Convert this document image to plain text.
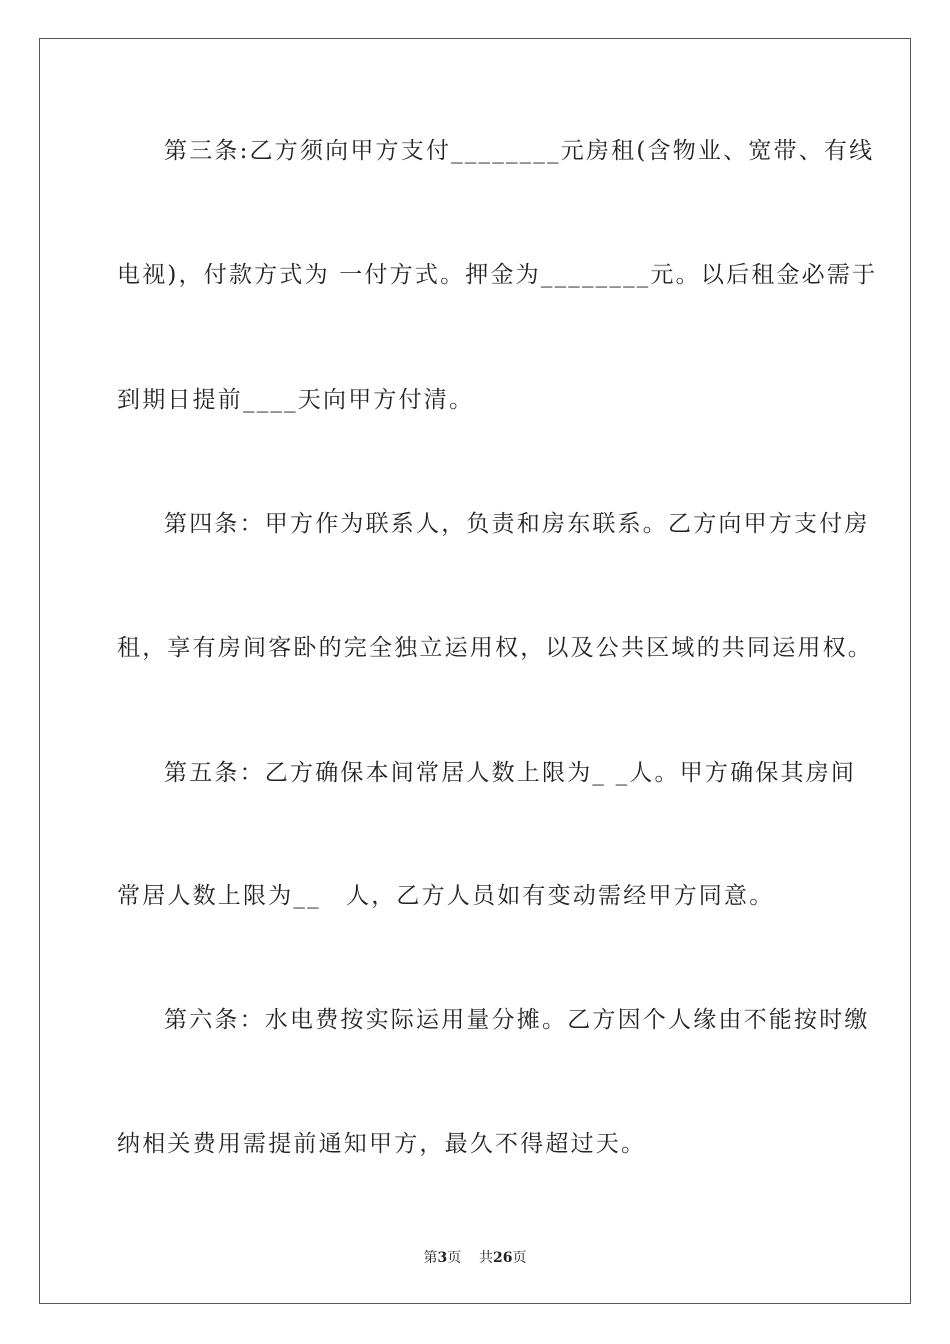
第三条:乙方须向甲方支付________元房租(含物业、宽带、有线
电视)，付款方式为 一付方式。押金为________元。以后租金必需于
到期日提前____天向甲方付清。
第四条：甲方作为联系人，负责和房东联系。乙方向甲方支付房
租，享有房间客卧的完全独立运用权，以及公共区域的共同运用权。
第五条：乙方确保本间常居人数上限为_ _人。甲方确保其房间
常居人数上限为__　人，乙方人员如有变动需经甲方同意。
第六条：水电费按实际运用量分摊。乙方因个人缘由不能按时缴
纳相关费用需提前通知甲方，最久不得超过天。
第3页 共26页
